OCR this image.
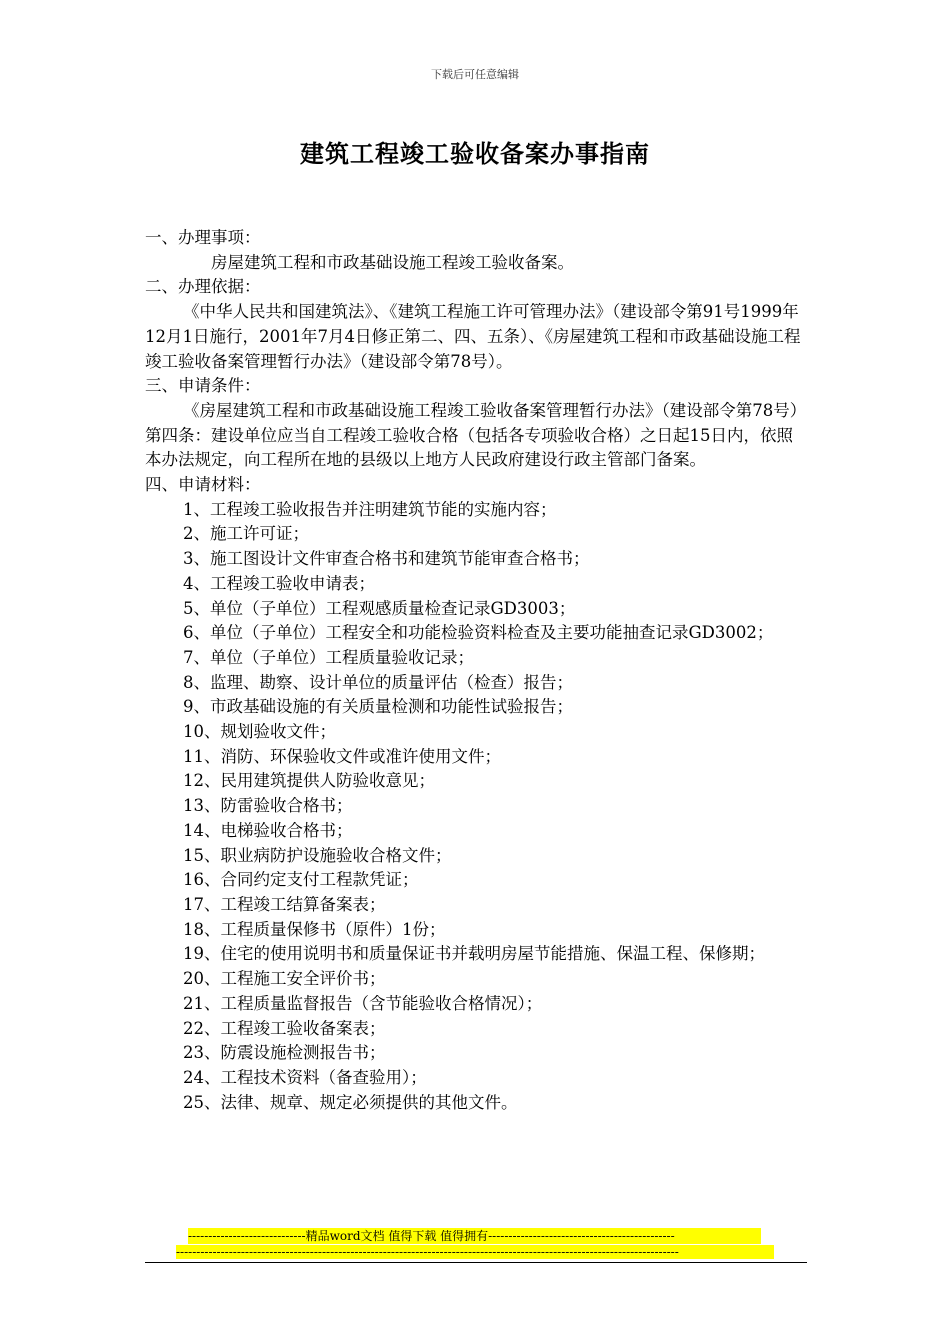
下载后可任意编辑
建筑工程竣工验收备案办事指南

一、办理事项：

房屋建筑工程和市政基础设施工程竣工验收备案。

二、办理依据：

《中华人民共和国建筑法》、《建筑工程施工许可管理办法》（建设部令第91号1999年12月1日施行，2001年7月4日修正第二、四、五条）、《房屋建筑工程和市政基础设施工程竣工验收备案管理暂行办法》（建设部令第78号）。

三、申请条件：

《房屋建筑工程和市政基础设施工程竣工验收备案管理暂行办法》（建设部令第78号）第四条：建设单位应当自工程竣工验收合格（包括各专项验收合格）之日起15日内，依照本办法规定，向工程所在地的县级以上地方人民政府建设行政主管部门备案。

四、申请材料：

1、工程竣工验收报告并注明建筑节能的实施内容；

2、施工许可证；

3、施工图设计文件审查合格书和建筑节能审查合格书；

4、工程竣工验收申请表；

5、单位（子单位）工程观感质量检查记录GD3003；

6、单位（子单位）工程安全和功能检验资料检查及主要功能抽查记录GD3002；

7、单位（子单位）工程质量验收记录；

8、监理、勘察、设计单位的质量评估（检查）报告；

9、市政基础设施的有关质量检测和功能性试验报告；

10、规划验收文件；

11、消防、环保验收文件或准许使用文件；

12、民用建筑提供人防验收意见；

13、防雷验收合格书；

14、电梯验收合格书；

15、职业病防护设施验收合格文件；

16、合同约定支付工程款凭证；

17、工程竣工结算备案表；

18、工程质量保修书（原件）1份；

19、住宅的使用说明书和质量保证书并载明房屋节能措施、保温工程、保修期；

20、工程施工安全评价书；

21、工程质量监督报告（含节能验收合格情况）；

22、工程竣工验收备案表；

23、防震设施检测报告书；

24、工程技术资料（备查验用）；

25、法律、规章、规定必须提供的其他文件。

-----------------------------精品word文档 值得下载 值得拥有----------------------------------------------
----------------------------------------------------------------------------------------------------------------------------
